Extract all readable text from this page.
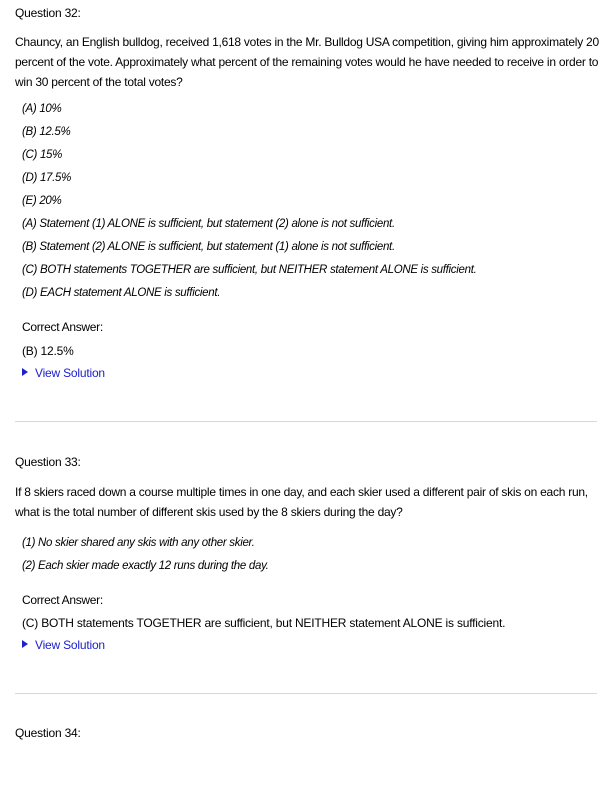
Question 32:
Chauncy, an English bulldog, received 1,618 votes in the Mr. Bulldog USA competition, giving him approximately 20 percent of the vote. Approximately what percent of the remaining votes would he have needed to receive in order to win 30 percent of the total votes?
(A) 10%
(B) 12.5%
(C) 15%
(D) 17.5%
(E) 20%
(A) Statement (1) ALONE is sufficient, but statement (2) alone is not sufficient.
(B) Statement (2) ALONE is sufficient, but statement (1) alone is not sufficient.
(C) BOTH statements TOGETHER are sufficient, but NEITHER statement ALONE is sufficient.
(D) EACH statement ALONE is sufficient.
Correct Answer:
(B) 12.5%
View Solution
Question 33:
If 8 skiers raced down a course multiple times in one day, and each skier used a different pair of skis on each run, what is the total number of different skis used by the 8 skiers during the day?
(1) No skier shared any skis with any other skier.
(2) Each skier made exactly 12 runs during the day.
Correct Answer:
(C) BOTH statements TOGETHER are sufficient, but NEITHER statement ALONE is sufficient.
View Solution
Question 34:
